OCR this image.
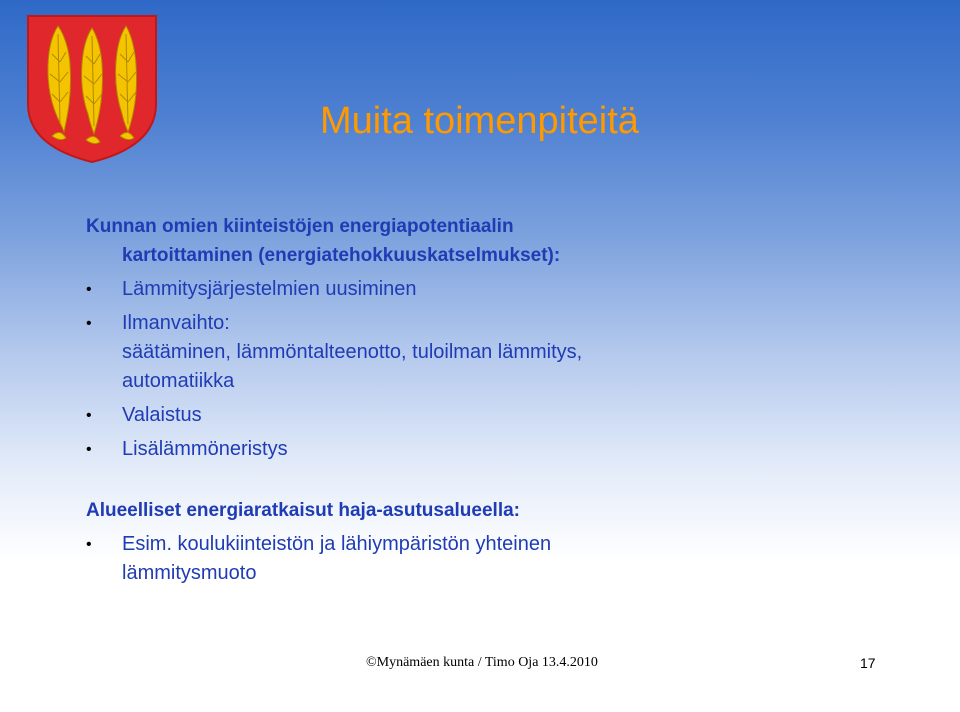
Muita toimenpiteitä
Kunnan omien kiinteistöjen energiapotentiaalin
kartoittaminen (energiatehokkuuskatselmukset):
• Lämmitysjärjestelmien uusiminen
• Ilmanvaihto:
säätäminen, lämmöntalteenotto, tuloilman lämmitys,
automatiikka
• Valaistus
• Lisälämmöneristys
Alueelliset energiaratkaisut haja-asutusalueella:
• Esim. koulukiinteistön ja lähiympäristön yhteinen
lämmitysmuoto
©Mynämäen kunta / Timo Oja 13.4.2010	17
